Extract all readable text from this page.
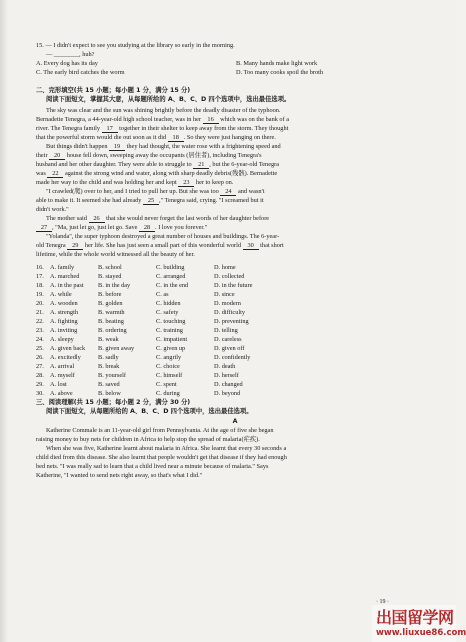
15. — I didn't expect to see you studying at the library so early in the morning.
— ________, huh?
A. Every dog has its day	B. Many hands make light work
C. The early bird catches the worm	D. Too many cooks spoil the broth
二、完形填空(共 15 小题；每小题 1 分，满分 15 分)
阅读下面短文，掌握其大意，从每题所给的 A、B、C、D 四个选项中，选出最佳选项。
The sky was clear and the sun was shining brightly before the deadly disaster of the typhoon.
Bernadette Tenegra, a 44-year-old high school teacher, was in her 16 which was on the bank of a
river. The Tenegra family 17 together in their shelter to keep away from the storm. They thought
that the powerful storm would die out soon as it did 18 . So they were just hanging on there.
But things didn't happen 19 they had thought, the water rose with a frightening speed and
their 20 house fell down, sweeping away the occupants (居住者), including Tenegra's
husband and her other daughter. They were able to struggle to 21 , but the 6-year-old Tenegra
was 22 against the strong wind and water, along with sharp deadly debris(残骸). Bernadette
made her way to the child and was holding her and kept 23 her to keep on.
"I crawled(爬) over to her, and I tried to pull her up. But she was too 24 and wasn't
able to make it. It seemed she had already 25 ," Tenegra said, crying. "I screamed but it
didn't work."
The mother said 26 that she would never forget the last words of her daughter before
27 , "Ma, just let go, just let go. Save 28 . I love you forever."
"Yolanda", the super typhoon destroyed a great number of houses and buildings. The 6-year-
old Tenegra 29 her life. She has just seen a small part of this wonderful world 30 that short
lifetime, while the whole world witnessed all the beauty of her.
16. A. family	B. school	C. building	D. home
17. A. marched	B. stayed	C. arranged	D. collected
18. A. in the past	B. in the day	C. in the end	D. in the future
19. A. while	B. before	C. as	D. since
20. A. wooden	B. golden	C. hidden	D. modern
21. A. strength	B. warmth	C. safety	D. difficulty
22. A. fighting	B. beating	C. touching	D. preventing
23. A. inviting	B. ordering	C. training	D. telling
24. A. sleepy	B. weak	C. impatient	D. careless
25. A. given back	B. given away	C. given up	D. given off
26. A. excitedly	B. sadly	C. angrily	D. confidently
27. A. arrival	B. break	C. choice	D. death
28. A. myself	B. yourself	C. himself	D. herself
29. A. lost	B. saved	C. spent	D. changed
30. A. above	B. below	C. during	D. beyond
三、阅读理解(共 15 小题；每小题 2 分，满分 30 分)
阅读下面短文，从每题所给的 A、B、C、D 四个选项中，选出最佳选项。
A
Katherine Commale is an 11-year-old girl from Pennsylvania. At the age of five she began
raising money to buy nets for children in Africa to help stop the spread of malaria(疟疾).
When she was five, Katherine learnt about malaria in Africa. She learnt that every 30 seconds a
child died from this disease. She also learnt that people wouldn't get that disease if they had enough
bed nets. "I was really sad to learn that a child lived near a minute because of malaria." Says
Katherine, "I wanted to send nets right away, so that's what I did."
· 19 ·
出国留学网
www.liuxue86.com
